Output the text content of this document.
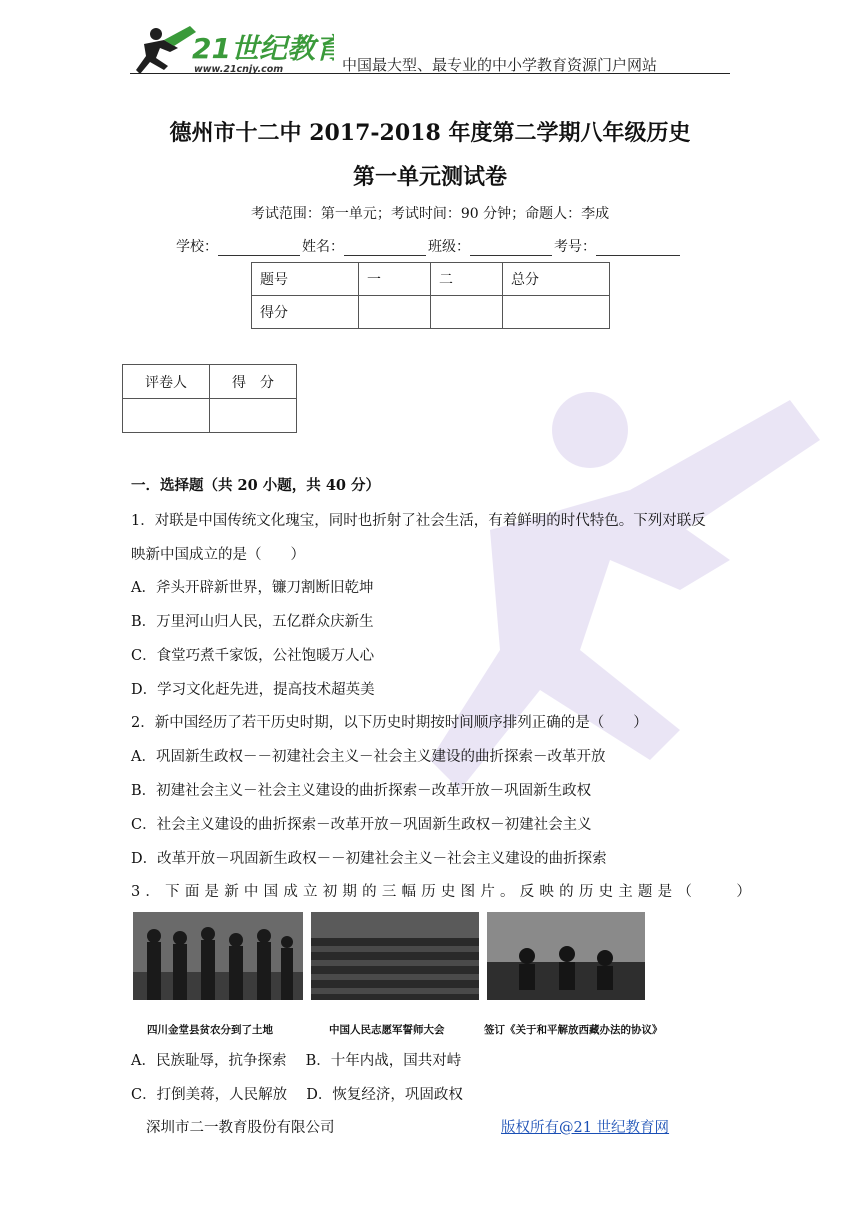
21世纪教育
www.21cnjy.com	中国最大型、最专业的中小学教育资源门户网站
德州市十二中 2017-2018 年度第二学期八年级历史
第一单元测试卷
考试范围：第一单元；考试时间：90 分钟；命题人：李成
学校：	姓名：	班级：	考号：
题号	一	二	总分
得分			
评卷人	得　分

一．选择题（共 20 小题，共 40 分）
1．对联是中国传统文化瑰宝，同时也折射了社会生活，有着鲜明的时代特色。下列对联反
映新中国成立的是（　　）
A．斧头开辟新世界，镰刀割断旧乾坤
B．万里河山归人民，五亿群众庆新生
C．食堂巧煮千家饭，公社饱暖万人心
D．学习文化赶先进，提高技术超英美
2．新中国经历了若干历史时期，以下历史时期按时间顺序排列正确的是（　　）
A．巩固新生政权－－初建社会主义－社会主义建设的曲折探索－改革开放
B．初建社会主义－社会主义建设的曲折探索－改革开放－巩固新生政权
C．社会主义建设的曲折探索－改革开放－巩固新生政权－初建社会主义
D．改革开放－巩固新生政权－－初建社会主义－社会主义建设的曲折探索
3．下面是新中国成立初期的三幅历史图片。反映的历史主题是（　　）
四川金堂县贫农分到了土地	中国人民志愿军誓师大会	签订《关于和平解放西藏办法的协议》
A．民族耻辱，抗争探索　 B．十年内战，国共对峙
C．打倒美蒋，人民解放　 D．恢复经济，巩固政权
深圳市二一教育股份有限公司	版权所有@21 世纪教育网
